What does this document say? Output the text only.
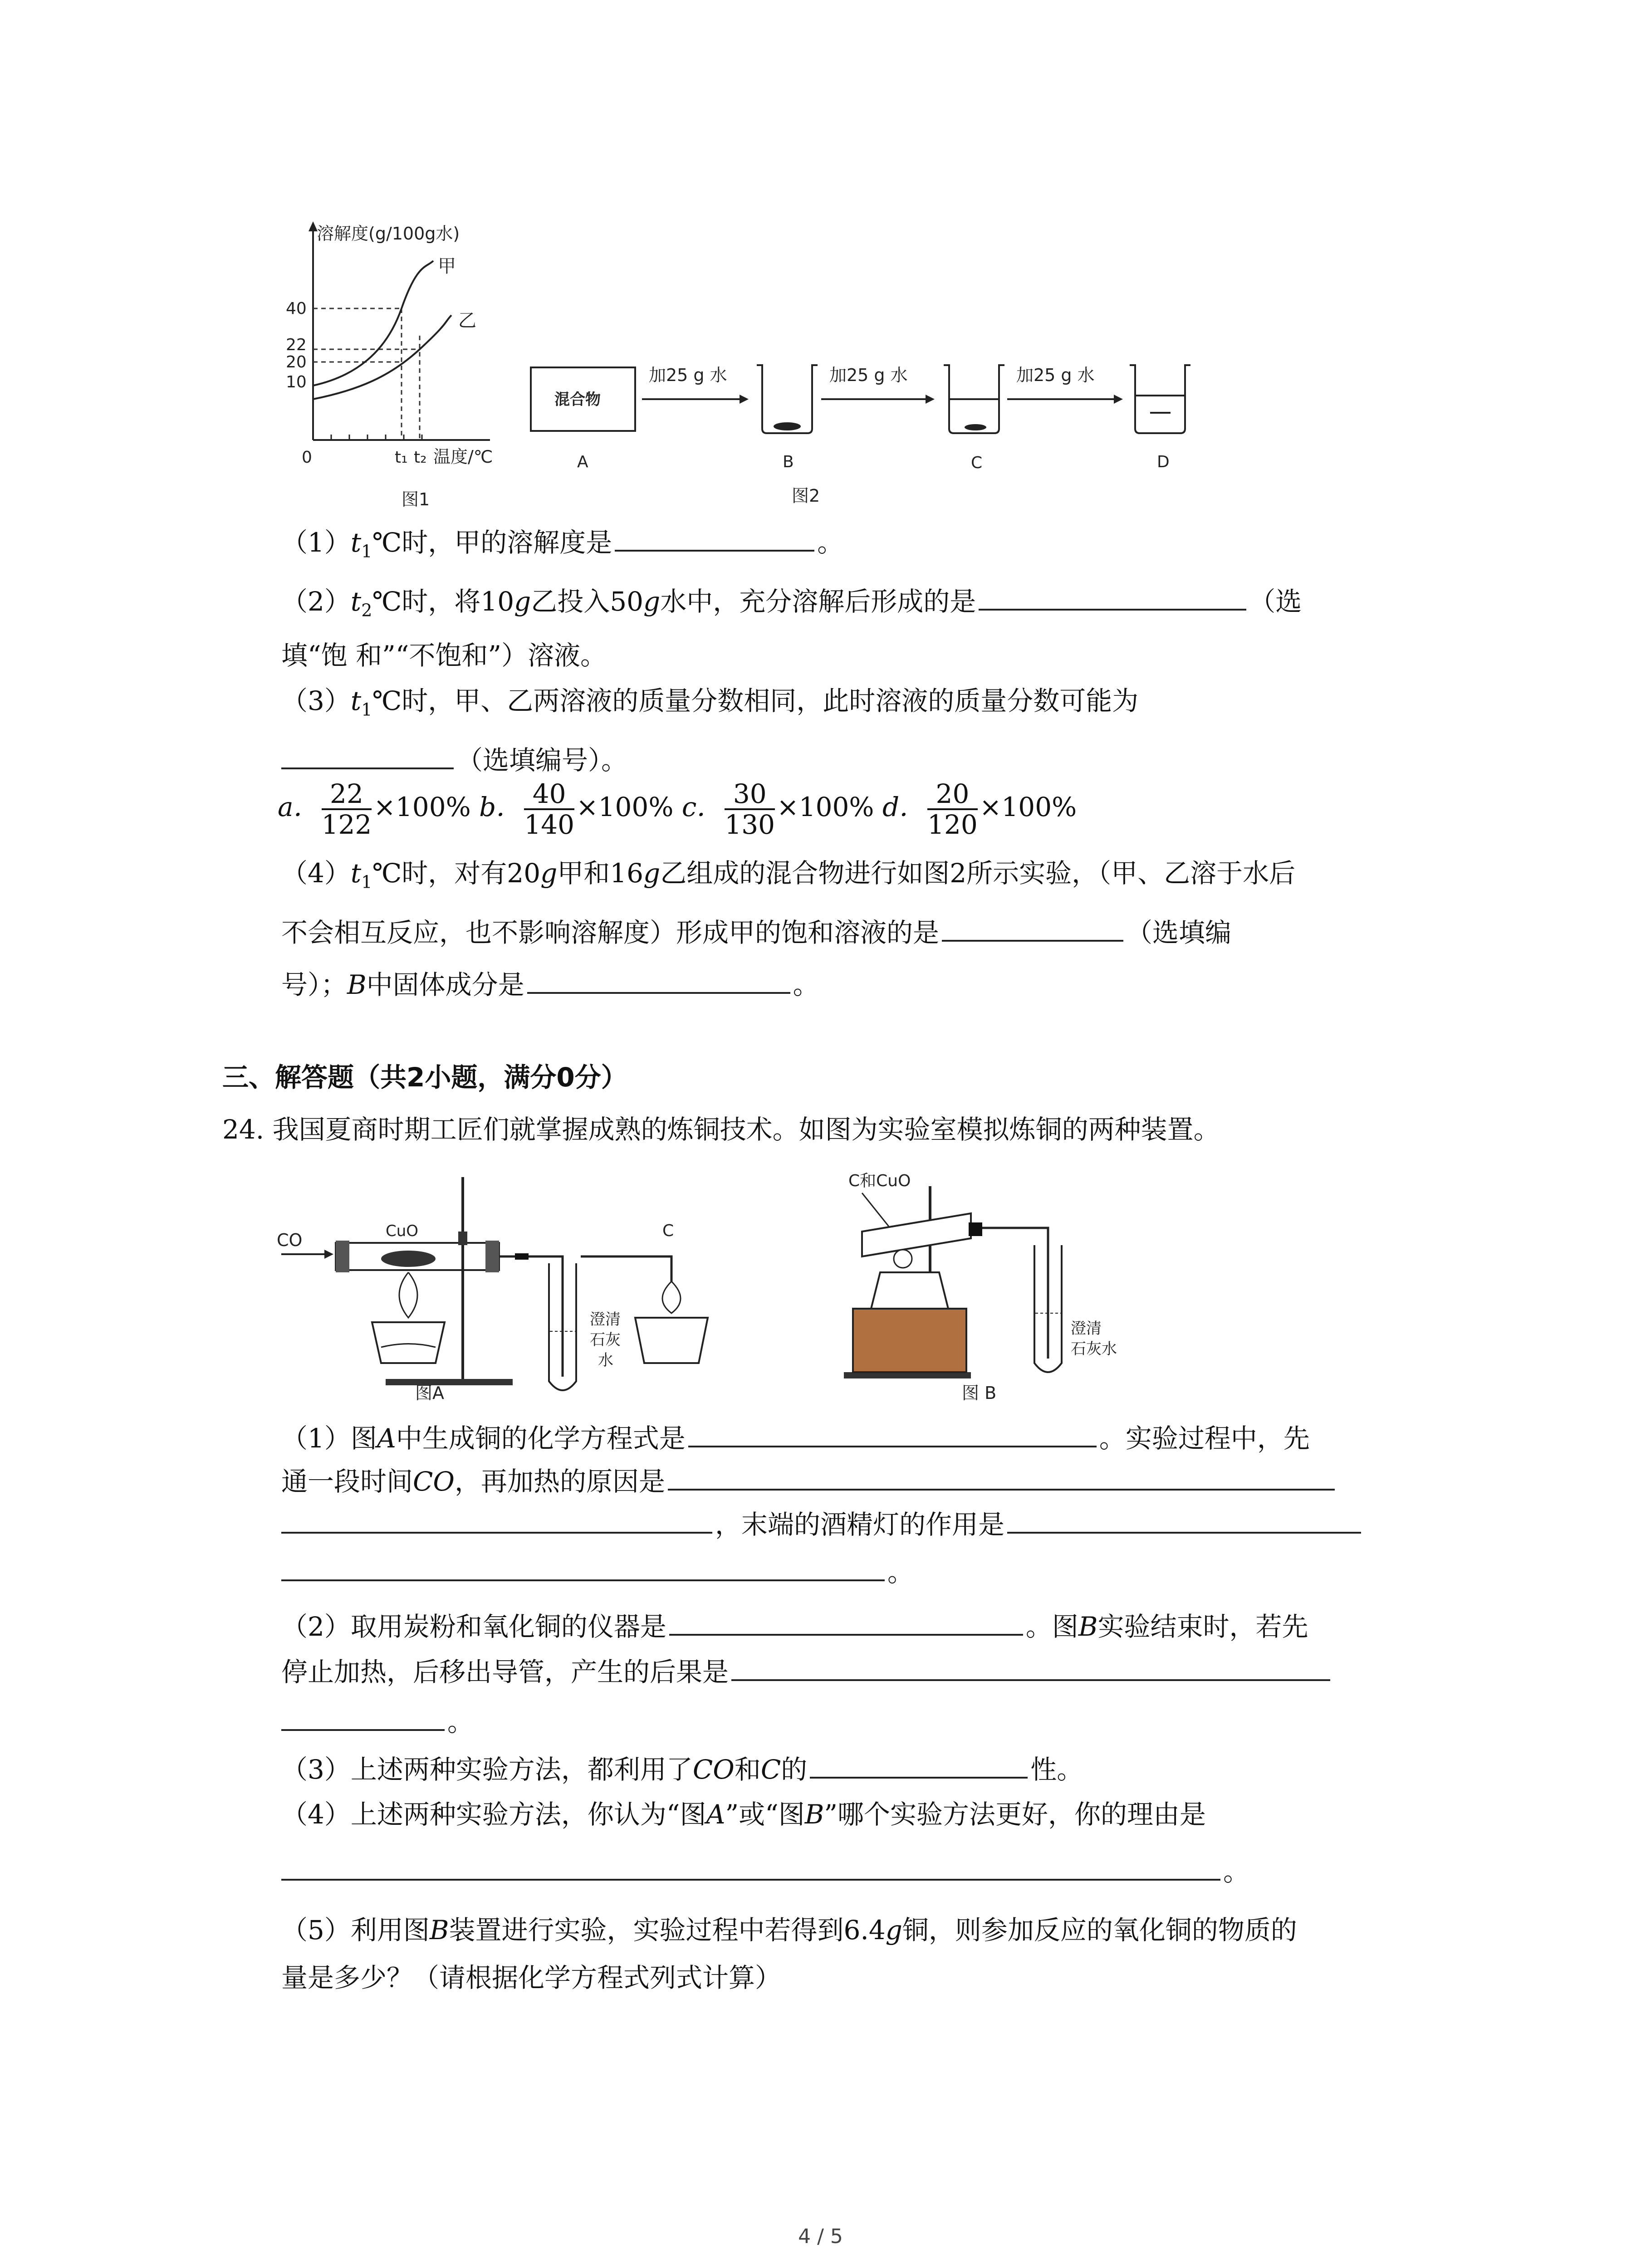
溶解度(g/100g水)
40
22
20
10
0	t₁ t₂ 温度/℃
甲
乙
图1
混合物
加25 g 水	加25 g 水	加25 g 水
A	B	C	D
图2
$(1)t_1℃$时，甲的溶解度是	。
$(2)t_2℃$时，将10g乙投入50g水中，充分溶解后形成的是	（选
填“饱 和”“不饱和”）溶液。
$(3)t_1℃$时，甲、乙两溶液的质量分数相同，此时溶液的质量分数可能为
（选填编号）。
a． $\frac{22}{122} \times 100\%$ b． $\frac{40}{140} \times 100\%$ c． $\frac{30}{130} \times 100\%$ d． $\frac{20}{120} \times 100\%$
$(4)t_1℃$时，对有20g甲和16g乙组成的混合物进行如图2所示实验，（甲、乙溶于水后
不会相互反应，也不影响溶解度）形成甲的饱和溶液的是	（选填编
号）；B中固体成分是	。
三、解答题（共2小题，满分0分）
24. 我国夏商时期工匠们就掌握成熟的炼铜技术。如图为实验室模拟炼铜的两种装置。
CO	CuO	C
澄清
石灰
水
图A
C和CuO
澄清
石灰水
图 B
（1）图A中生成铜的化学方程式是	。实验过程中，先
通一段时间CO，再加热的原因是
，末端的酒精灯的作用是
。
（2）取用炭粉和氧化铜的仪器是	。图B实验结束时，若先
停止加热，后移出导管，产生的后果是
。
（3）上述两种实验方法，都利用了CO和C的	性。
（4）上述两种实验方法，你认为“图A”或“图B”哪个实验方法更好，你的理由是
。
（5）利用图B装置进行实验，实验过程中若得到6.4g铜，则参加反应的氧化铜的物质的
量是多少？（请根据化学方程式列式计算）
4 / 5
